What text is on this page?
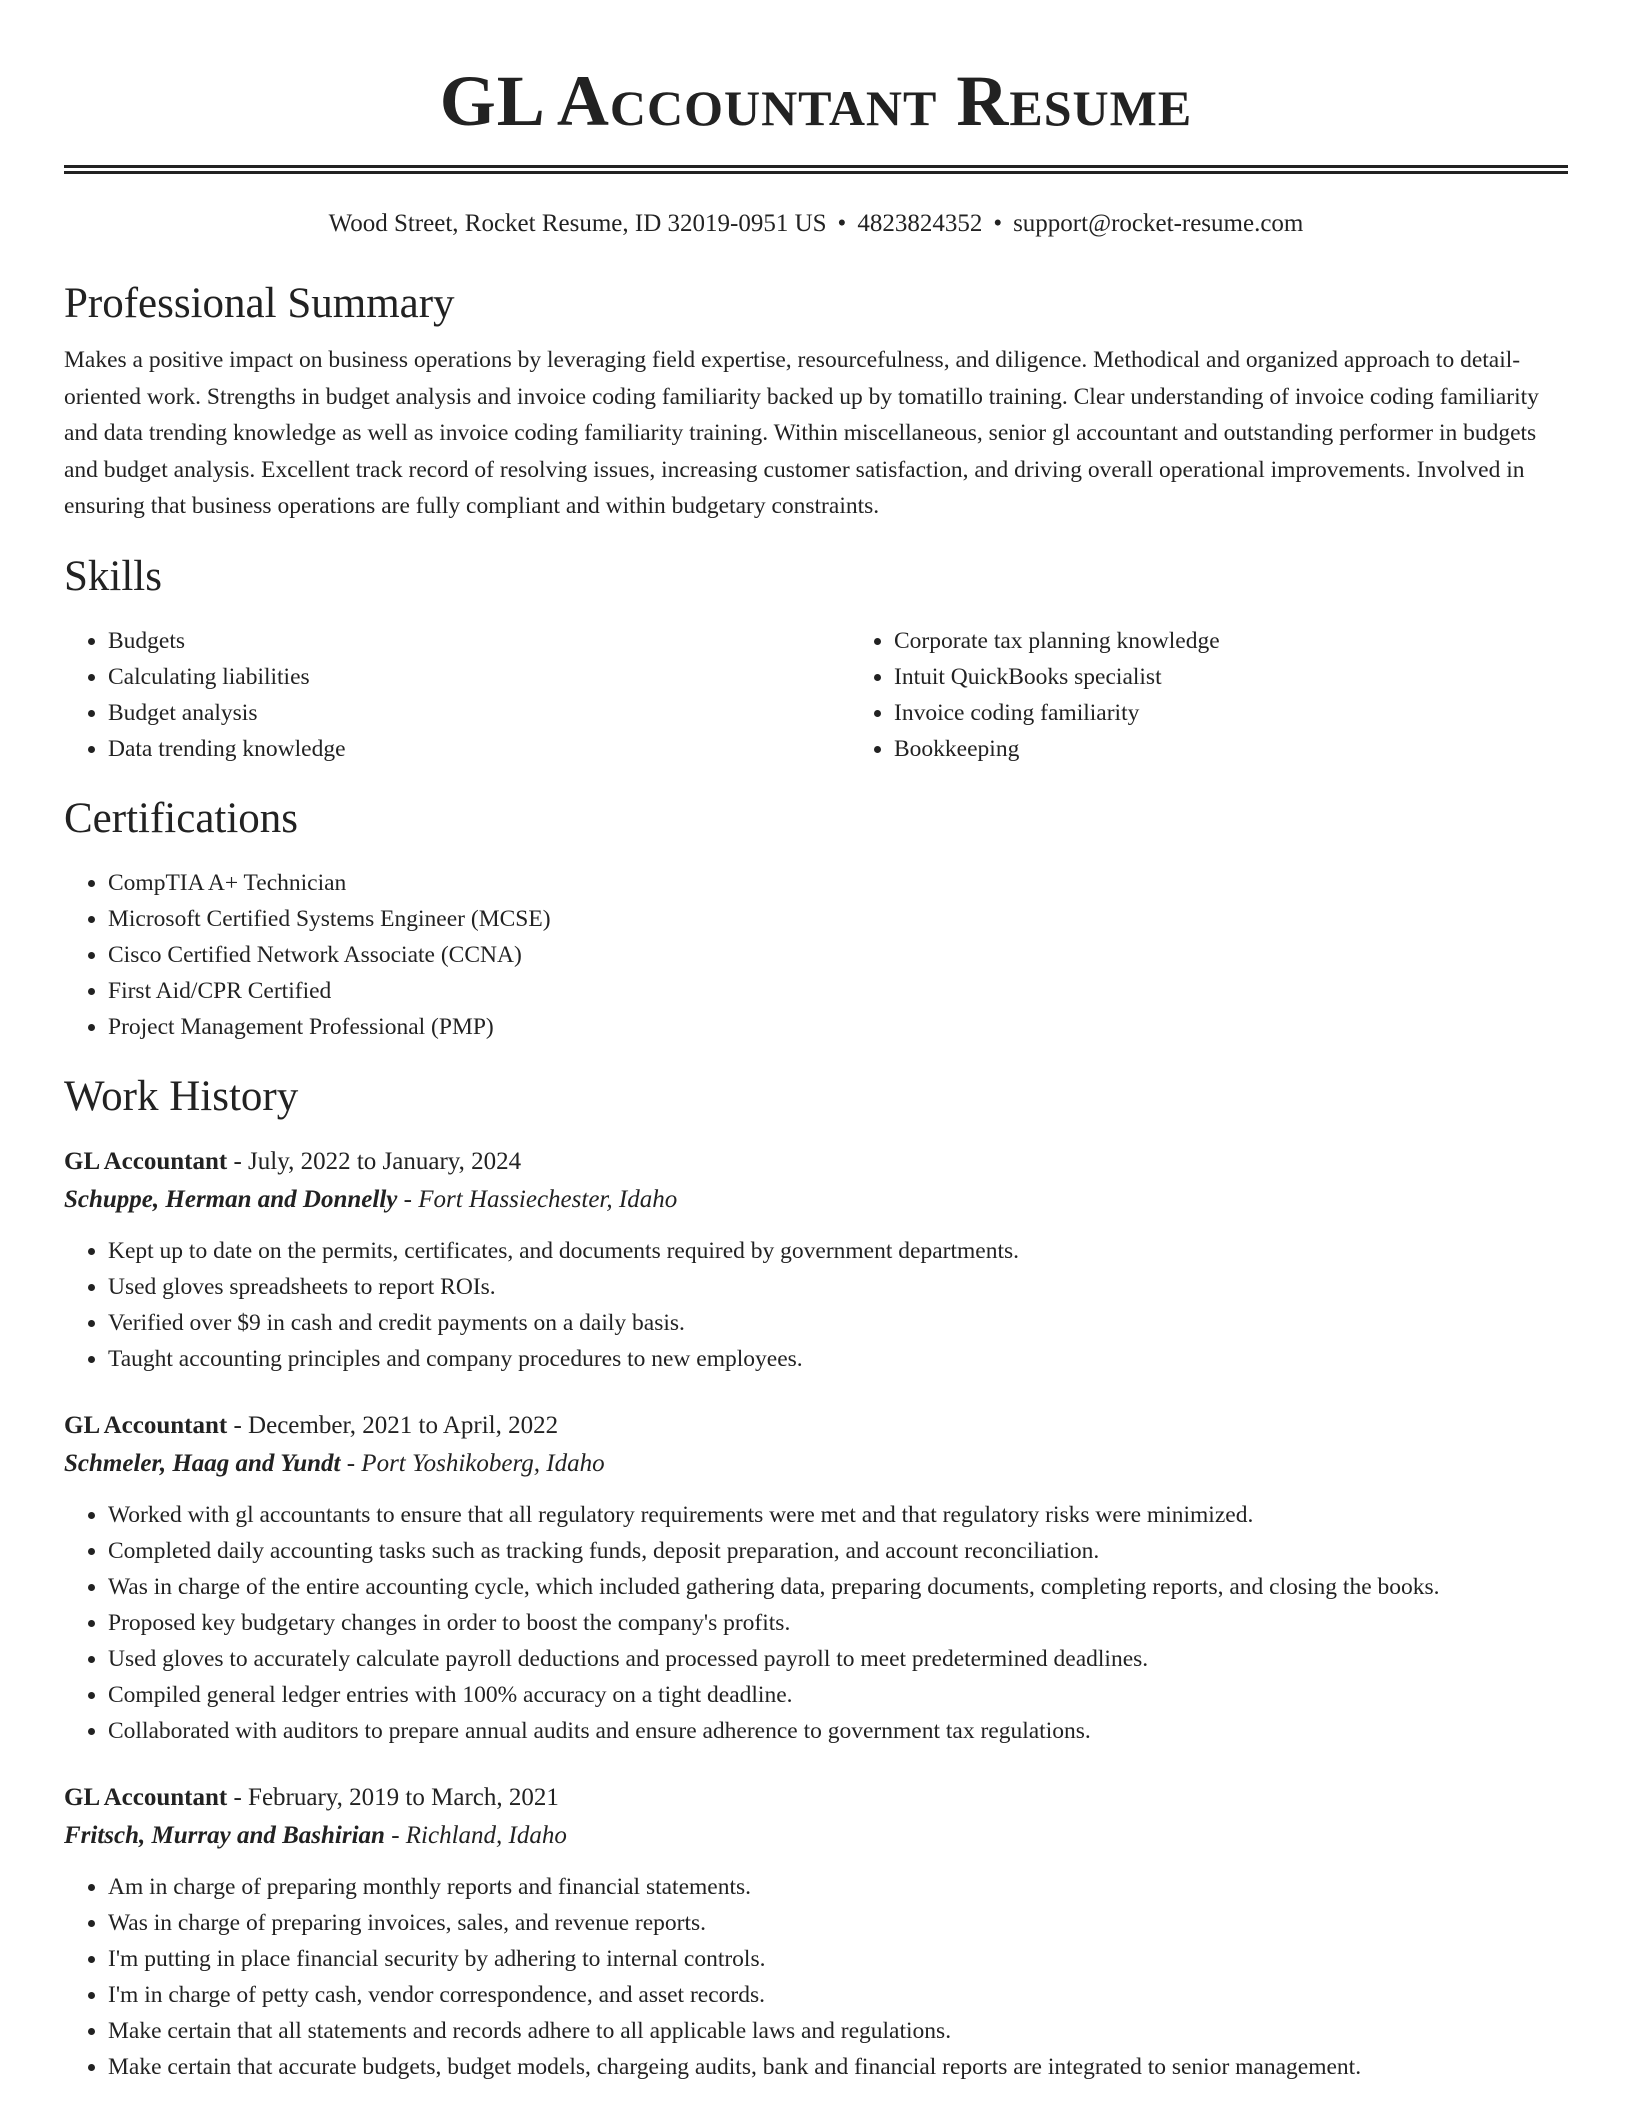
GL Accountant Resume
Wood Street, Rocket Resume, ID 32019-0951 US • 4823824352 • support@rocket-resume.com
Professional Summary

Makes a positive impact on business operations by leveraging field expertise, resourcefulness, and diligence. Methodical and organized approach to detail-oriented work. Strengths in budget analysis and invoice coding familiarity backed up by tomatillo training. Clear understanding of invoice coding familiarity and data trending knowledge as well as invoice coding familiarity training. Within miscellaneous, senior gl accountant and outstanding performer in budgets and budget analysis. Excellent track record of resolving issues, increasing customer satisfaction, and driving overall operational improvements. Involved in ensuring that business operations are fully compliant and within budgetary constraints.

Skills
• Budgets
• Calculating liabilities
• Budget analysis
• Data trending knowledge
• Corporate tax planning knowledge
• Intuit QuickBooks specialist
• Invoice coding familiarity
• Bookkeeping
Certifications
• CompTIA A+ Technician
• Microsoft Certified Systems Engineer (MCSE)
• Cisco Certified Network Associate (CCNA)
• First Aid/CPR Certified
• Project Management Professional (PMP)
Work History
GL Accountant - July, 2022 to January, 2024
Schuppe, Herman and Donnelly - Fort Hassiechester, Idaho
• Kept up to date on the permits, certificates, and documents required by government departments.
• Used gloves spreadsheets to report ROIs.
• Verified over $9 in cash and credit payments on a daily basis.
• Taught accounting principles and company procedures to new employees.
GL Accountant - December, 2021 to April, 2022
Schmeler, Haag and Yundt - Port Yoshikoberg, Idaho
• Worked with gl accountants to ensure that all regulatory requirements were met and that regulatory risks were minimized.
• Completed daily accounting tasks such as tracking funds, deposit preparation, and account reconciliation.
• Was in charge of the entire accounting cycle, which included gathering data, preparing documents, completing reports, and closing the books.
• Proposed key budgetary changes in order to boost the company's profits.
• Used gloves to accurately calculate payroll deductions and processed payroll to meet predetermined deadlines.
• Compiled general ledger entries with 100% accuracy on a tight deadline.
• Collaborated with auditors to prepare annual audits and ensure adherence to government tax regulations.
GL Accountant - February, 2019 to March, 2021
Fritsch, Murray and Bashirian - Richland, Idaho
• Am in charge of preparing monthly reports and financial statements.
• Was in charge of preparing invoices, sales, and revenue reports.
• I'm putting in place financial security by adhering to internal controls.
• I'm in charge of petty cash, vendor correspondence, and asset records.
• Make certain that all statements and records adhere to all applicable laws and regulations.
• Make certain that accurate budgets, budget models, chargeing audits, bank and financial reports are integrated to senior management.
